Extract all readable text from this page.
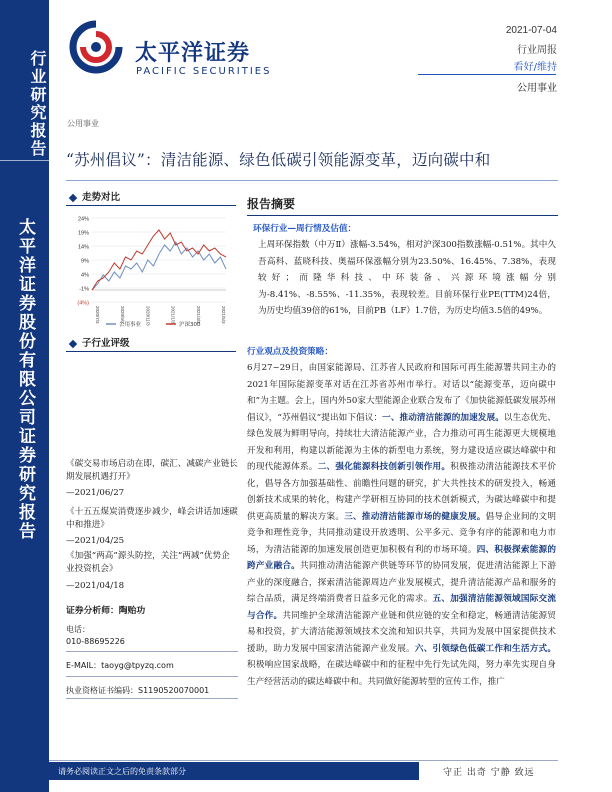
行业研究报告
太平洋证券股份有限公司证券研究报告
太平洋证券
PACIFIC SECURITIES
2021-07-04
行业周报
看好/维持
公用事业
公用事业
“苏州倡议”：清洁能源、绿色低碳引领能源变革，迈向碳中和
走势对比
24%
19%
14%
9%
4%
-1%
(4%)
2020/7/3	2020/9/3	2020/11/3	2021/1/3	2021/3/3	2021/5/3
公用事业	沪深300
子行业评级
《碳交易市场启动在即，碳汇、减碳产业链长期发展机遇打开》
—2021/06/27
《十五五煤炭消费逐步减少，峰会讲话加速碳中和推进》
—2021/04/25
《加强“两高”源头防控，关注“两减”优势企业投资机会》
—2021/04/18
证券分析师：陶贻功
电话：
010-88695226
E-MAIL：taoyg@tpyzq.com
执业资格证书编码：S1190520070001
报告摘要
环保行业—周行情及估值：
上周环保指数（中万Ⅱ）涨幅-3.54%，相对沪深300指数涨幅-0.51%。其中久吾高科、蓝晓科技、奥福环保涨幅分别为23.50%、16.45%、7.38%，表现较好；而隆华科技、中环装备、兴源环境涨幅分别为-8.41%、-8.55%、-11.35%，表现较差。目前环保行业PE(TTM)24倍，为历史均值39倍的61%，目前PB（LF）1.7倍，为历史均值3.5倍的49%。
行业观点及投资策略：
6月27~29日，由国家能源局、江苏省人民政府和国际可再生能源署共同主办的2021年国际能源变革对话在江苏省苏州市举行。对话以“能源变革，迈向碳中和”为主题。会上，国内外50家大型能源企业联合发布了《加快能源低碳发展苏州倡议》，“苏州倡议”提出如下倡议：一、推动清洁能源的加速发展。以生态优先、绿色发展为鲜明导向，持续壮大清洁能源产业，合力推动可再生能源更大规模地开发和利用，构建以新能源为主体的新型电力系统，努力建设适应碳达峰碳中和的现代能源体系。二、强化能源科技创新引领作用。积极推动清洁能源技术平价化，倡导各方加强基础性、前瞻性问题的研究，扩大共性技术的研发投入，畅通创新技术成果的转化，构建产学研相互协同的技术创新模式，为碳达峰碳中和提供更高质量的解决方案。三、推动清洁能源市场的健康发展。倡导企业间的文明竞争和理性竞争，共同推动建设开放透明、公平多元、竞争有序的能源和电力市场，为清洁能源的加速发展创造更加积极有利的市场环境。四、积极探索能源的跨产业融合。共同推动清洁能源产供链等环节的协同发展，促进清洁能源上下游产业的深度融合，探索清洁能源周边产业发展模式，提升清洁能源产品和服务的综合品质，满足终端消费者日益多元化的需求。五、加强清洁能源领域国际交流与合作。共同维护全球清洁能源产业链和供应链的安全和稳定，畅通清洁能源贸易和投资，扩大清洁能源领域技术交流和知识共享，共同为发展中国家提供技术援助，助力发展中国家清洁能源产业发展。六、引领绿色低碳工作和生活方式。积极响应国家战略，在碳达峰碳中和的征程中先行先试先闯，努力率先实现自身生产经营活动的碳达峰碳中和。共同做好能源转型的宣传工作，推广
请务必阅读正文之后的免责条款部分	守正 出奇 宁静 致远
